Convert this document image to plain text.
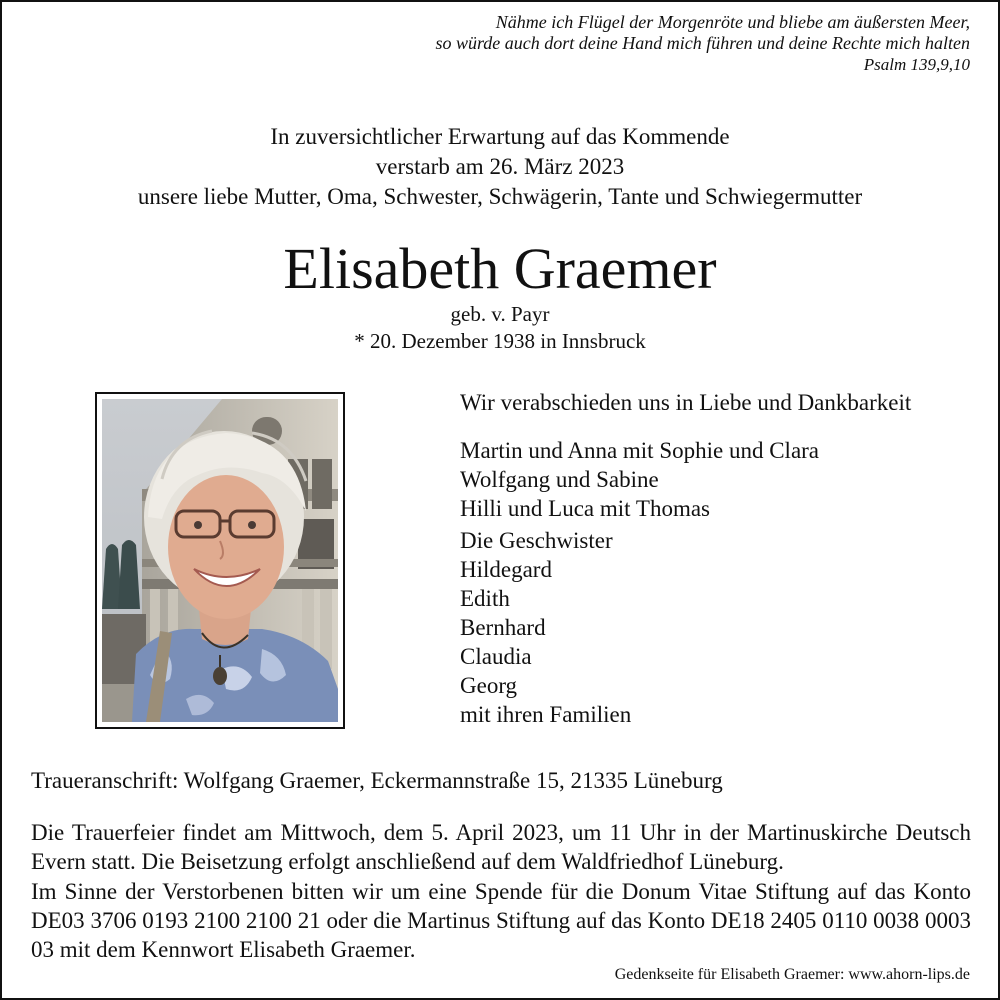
Nähme ich Flügel der Morgenröte und bliebe am äußersten Meer,
so würde auch dort deine Hand mich führen und deine Rechte mich halten
Psalm 139,9,10
In zuversichtlicher Erwartung auf das Kommende
verstarb am 26. März 2023
unsere liebe Mutter, Oma, Schwester, Schwägerin, Tante und Schwiegermutter
Elisabeth Graemer
geb. v. Payr
* 20. Dezember 1938 in Innsbruck
Wir verabschieden uns in Liebe und Dankbarkeit
Martin und Anna mit Sophie und Clara
Wolfgang und Sabine
Hilli und Luca mit Thomas
Die Geschwister
Hildegard
Edith
Bernhard
Claudia
Georg
mit ihren Familien
Traueranschrift: Wolfgang Graemer, Eckermannstraße 15, 21335 Lüneburg
Die Trauerfeier findet am Mittwoch, dem 5. April 2023, um 11 Uhr in der Martinuskirche Deutsch Evern statt. Die Beisetzung erfolgt anschließend auf dem Waldfriedhof Lüneburg.
Im Sinne der Verstorbenen bitten wir um eine Spende für die Donum Vitae Stiftung auf das Konto DE03 3706 0193 2100 2100 21 oder die Martinus Stiftung auf das Konto DE18 2405 0110 0038 0003 03 mit dem Kennwort Elisabeth Graemer.
Gedenkseite für Elisabeth Graemer: www.ahorn-lips.de
